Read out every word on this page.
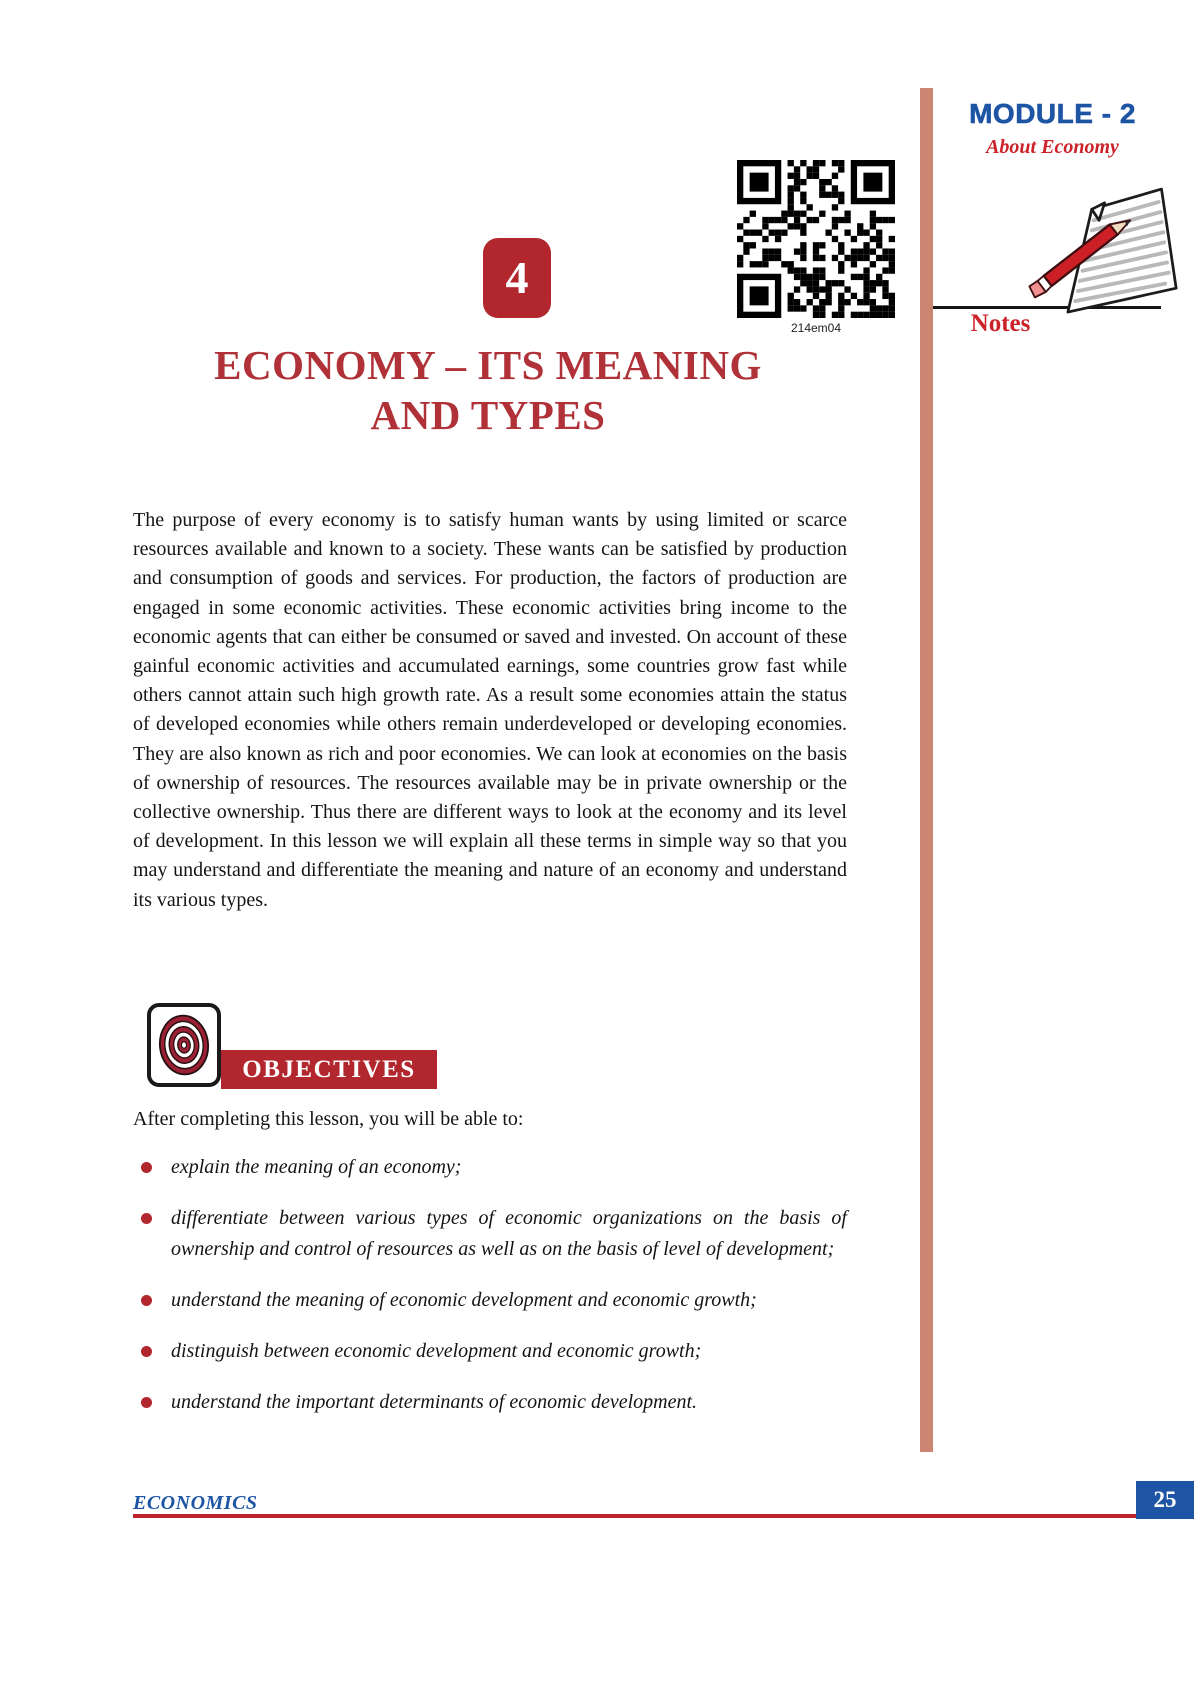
MODULE - 2
About Economy
Notes
4
214em04
ECONOMY – ITS MEANING
AND TYPES

The purpose of every economy is to satisfy human wants by using limited or scarce resources available and known to a society. These wants can be satisfied by production and consumption of goods and services. For production, the factors of production are engaged in some economic activities. These economic activities bring income to the economic agents that can either be consumed or saved and invested. On account of these gainful economic activities and accumulated earnings, some countries grow fast while others cannot attain such high growth rate. As a result some economies attain the status of developed economies while others remain underdeveloped or developing economies. They are also known as rich and poor economies. We can look at economies on the basis of ownership of resources. The resources available may be in private ownership or the collective ownership. Thus there are different ways to look at the economy and its level of development. In this lesson we will explain all these terms in simple way so that you may understand and differentiate the meaning and nature of an economy and understand its various types.

OBJECTIVES
After completing this lesson, you will be able to:
explain the meaning of an economy;
differentiate between various types of economic organizations on the basis of ownership and control of resources as well as on the basis of level of development;
understand the meaning of economic development and economic growth;
distinguish between economic development and economic growth;
understand the important determinants of economic development.
ECONOMICS	25
